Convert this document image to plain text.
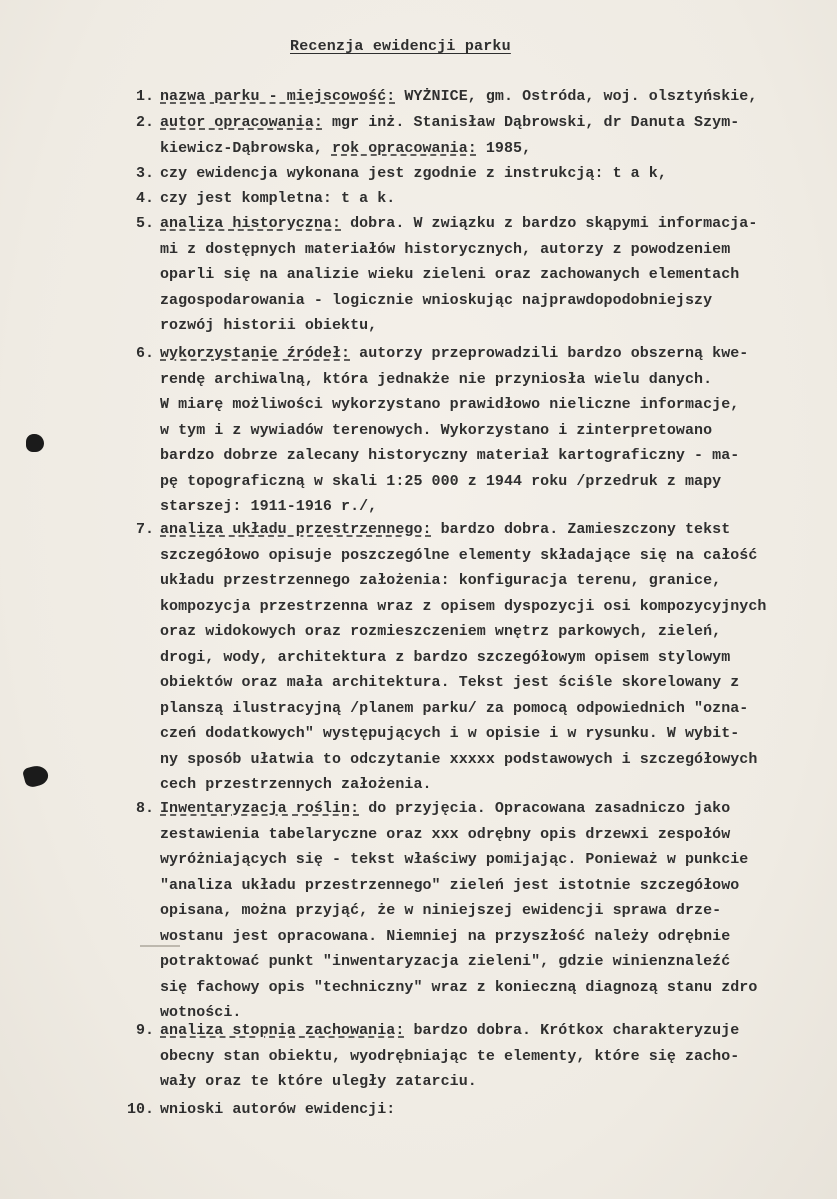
Recenzja ewidencji parku
1. nazwa parku - miejscowość: WYŻNICE, gm. Ostróda, woj. olsztyńskie,
2. autor opracowania: mgr inż. Stanisław Dąbrowski, dr Danuta Szym-
kiewicz-Dąbrowska, rok opracowania: 1985,
3. czy ewidencja wykonana jest zgodnie z instrukcją: t a k,
4. czy jest kompletna: t a k.
5. analiza historyczna: dobra. W związku z bardzo skąpymi informacja-
mi z dostępnych materiałów historycznych, autorzy z powodzeniem
oparli się na analizie wieku zieleni oraz zachowanych elementach
zagospodarowania - logicznie wnioskując najprawdopodobniejszy
rozwój historii obiektu,
6. wykorzystanie źródeł: autorzy przeprowadzili bardzo obszerną kwe-
rendę archiwalną, która jednakże nie przyniosła wielu danych.
W miarę możliwości wykorzystano prawidłowo nieliczne informacje,
w tym i z wywiadów terenowych. Wykorzystano i zinterpretowano
bardzo dobrze zalecany historyczny materiał kartograficzny - ma-
pę topograficzną w skali 1:25 000 z 1944 roku /przedruk z mapy
starszej: 1911-1916 r./,
7. analiza układu przestrzennego: bardzo dobra. Zamieszczony tekst
szczegółowo opisuje poszczególne elementy składające się na całość
układu przestrzennego założenia: konfiguracja terenu, granice,
kompozycja przestrzenna wraz z opisem dyspozycji osi kompozycyjnych
oraz widokowych oraz rozmieszczeniem wnętrz parkowych, zieleń,
drogi, wody, architektura z bardzo szczegółowym opisem stylowym
obiektów oraz mała architektura. Tekst jest ściśle skorelowany z
planszą ilustracyjną /planem parku/ za pomocą odpowiednich "ozna-
czeń dodatkowych" występujących i w opisie i w rysunku. W wybit-
ny sposób ułatwia to odczytanie xxxxx podstawowych i szczegółowych
cech przestrzennych założenia.
8. Inwentaryzacja roślin: do przyjęcia. Opracowana zasadniczo jako
zestawienia tabelaryczne oraz xxx odrębny opis drzewxi zespołów
wyróżniających się - tekst właściwy pomijając. Ponieważ w punkcie
"analiza układu przestrzennego" zieleń jest istotnie szczegółowo
opisana, można przyjąć, że w niniejszej ewidencji sprawa drze-
wostanu jest opracowana. Niemniej na przyszłość należy odrębnie
potraktować punkt "inwentaryzacja zieleni", gdzie winienznaleźć
się fachowy opis "techniczny" wraz z konieczną diagnozą stanu zdro
wotności.
9. analiza stopnia zachowania: bardzo dobra. Krótkox charakteryzuje
obecny stan obiektu, wyodrębniając te elementy, które się zacho-
wały oraz te które uległy zatarciu.
10. wnioski autorów ewidencji:
